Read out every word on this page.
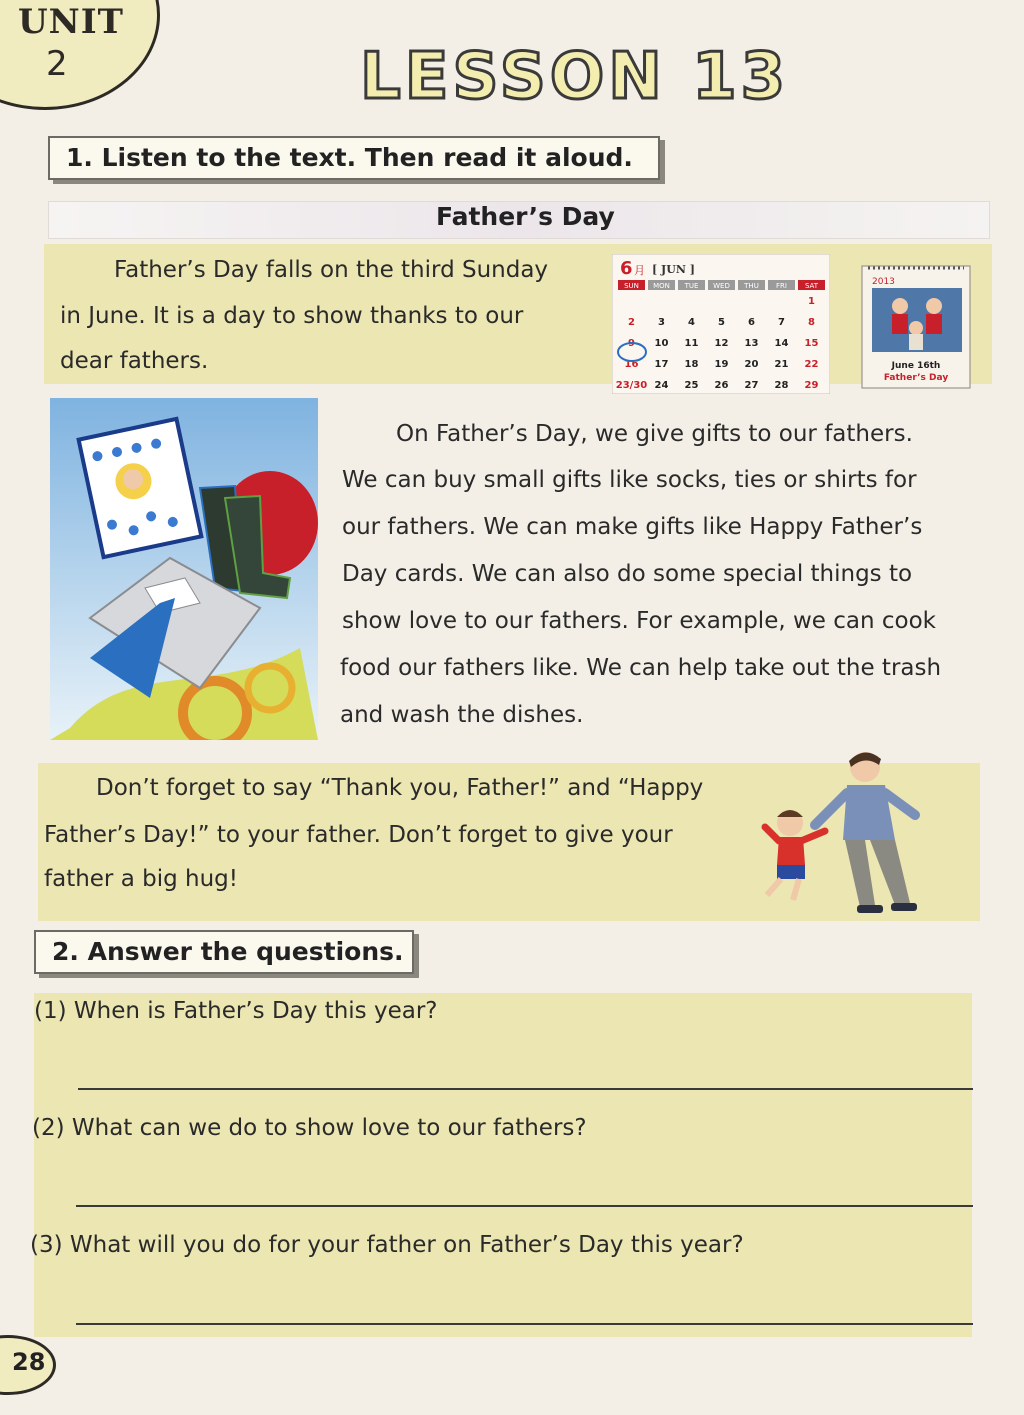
UNIT
2	LESSON 13
1. Listen to the text. Then read it aloud.
Father’s Day
Father’s Day falls on the third Sunday
in June. It is a day to show thanks to our
dear fathers.
6 月 [ JUN ]
SUN MON TUE WED THU FRI	SAT
1
2 3 4 5 6 7 8
9 10 11 12 13 14 15
16 17 18 19 20 21 22
23/30 24 25 26 27 28 29
2013
June 16th
Father’s Day
On Father’s Day, we give gifts to our fathers.
We can buy small gifts like socks, ties or shirts for
our fathers. We can make gifts like Happy Father’s
Day cards. We can also do some special things to
show love to our fathers. For example, we can cook
food our fathers like. We can help take out the trash
and wash the dishes.
Don’t forget to say “Thank you, Father!” and “Happy
Father’s Day!” to your father. Don’t forget to give your
father a big hug!
2. Answer the questions.
(1) When is Father’s Day this year?
(2) What can we do to show love to our fathers?
(3) What will you do for your father on Father’s Day this year?
28
